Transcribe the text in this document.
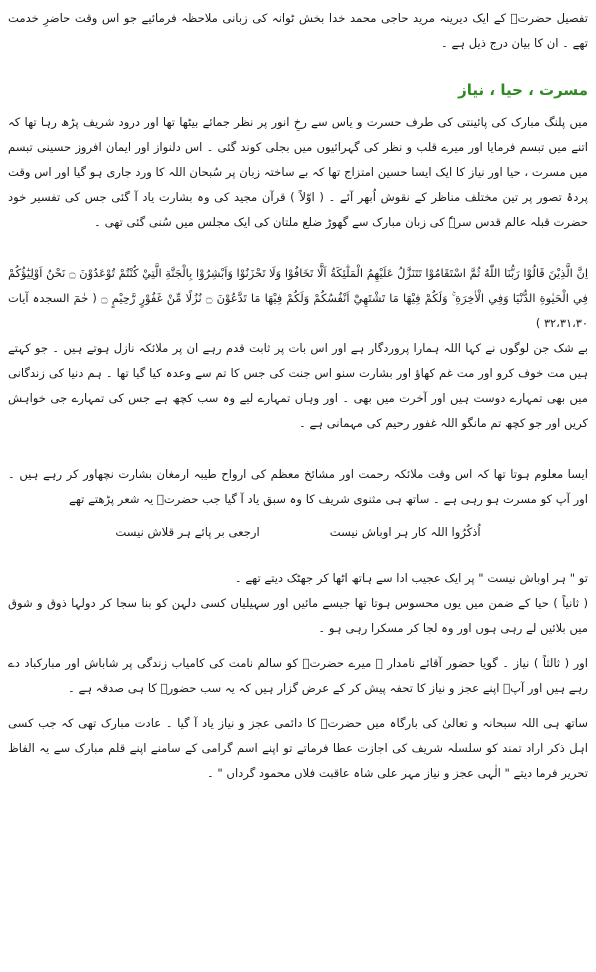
تفصیل حضرتؒ کے ایک دیرینہ مرید حاجی محمد خدا بخش ٹوانہ کی زبانی ملاحظہ فرمائیے جو اس وقت حاضرِ خدمت تھے ۔ ان کا بیان درج ذیل ہے ۔

مسرت ، حیا ، نیاز

میں پلنگ مبارک کی پائینتی کی طرف حسرت و یاس سے رخِ انور پر نظر جمائے بیٹھا تھا اور درود شریف پڑھ رہا تھا کہ اتنے میں تبسم فرمایا اور میرے قلب و نظر کی گہرائیوں میں بجلی کوند گئی ۔ اس دلنواز اور ایمان افروز حسینی تبسم میں مسرت ، حیا اور نیاز کا ایک ایسا حسین امتزاج تھا کہ بے ساختہ زبان پر سُبحان اللہ کا ورد جاری ہو گیا اور اس وقت پردۂ تصور پر تین مختلف مناظر کے نقوش اُبھر آئے ۔ ( اوّلاً ) قرآن مجید کی وہ بشارت یاد آ گئی جس کی تفسیر خود حضرت قبلہ عالم قدس سرہٗ کی زبان مبارک سے گھوڑ ضلع ملتان کی ایک مجلس میں سُنی گئی تھی ۔

اِنَّ الَّذِيْنَ قَالُوْا رَبُّنَا اللّٰهُ ثُمَّ اسْتَقَامُوْا تَتَنَزَّلُ عَلَيْهِمُ الْمَلٰٓئِكَةُ اَلَّا تَخَافُوْا وَلَا تَحْزَنُوْا وَاَبْشِرُوْا بِالْجَنَّةِ الَّتِيْ كُنْتُمْ تُوْعَدُوْنَ ۝ نَحْنُ اَوْلِيٰٓؤُكُمْ فِي الْحَيٰوةِ الدُّنْيَا وَفِي الْاٰخِرَةِ ۚ وَلَكُمْ فِيْهَا مَا تَشْتَهِيْٓ اَنْفُسُكُمْ وَلَكُمْ فِيْهَا مَا تَدَّعُوْنَ ۝ نُزُلًا مِّنْ غَفُوْرٍ رَّحِيْمٍ ۝ ( حٰمٓ السجدہ آیات ۳۲،۳۱،۳۰ )

بے شک جن لوگوں نے کہا اللہ ہمارا پروردگار ہے اور اس بات پر ثابت قدم رہے ان پر ملائکہ نازل ہوتے ہیں ۔ جو کہتے ہیں مت خوف کرو اور مت غم کھاؤ اور بشارت سنو اس جنت کی جس کا تم سے وعدہ کیا گیا تھا ۔ ہم دنیا کی زندگانی میں بھی تمہارے دوست ہیں اور آخرت میں بھی ۔ اور وہاں تمہارے لیے وہ سب کچھ ہے جس کی تمہارے جی خواہش کریں اور جو کچھ تم مانگو اللہ غفور رحیم کی مہمانی ہے ۔

ایسا معلوم ہوتا تھا کہ اس وقت ملائکہ رحمت اور مشائخ معظم کی ارواح طیبہ ارمغان بشارت نچھاور کر رہے ہیں ۔ اور آپ کو مسرت ہو رہی ہے ۔ ساتھ ہی مثنوی شریف کا وہ سبق یاد آ گیا جب حضرتؒ یہ شعر پڑھتے تھے

اُذکُرُوا اللہ کار ہر اوباش نیست
ارجعی بر پائے ہر قلاش نیست

تو " ہر اوباش نیست " پر ایک عجیب ادا سے ہاتھ اٹھا کر جھٹک دیتے تھے ۔

( ثانیاً ) حیا کے ضمن میں یوں محسوس ہوتا تھا جیسے مائیں اور سہیلیاں کسی دلہن کو بنا سجا کر دولہا ذوق و شوق میں بلائیں لے رہی ہوں اور وہ لجا کر مسکرا رہی ہو ۔

اور ( ثالثاً ) نیاز ۔ گویا حضور آقائے نامدار ﷺ میرے حضرتؒ کو سالم نامت کی کامیاب زندگی پر شاباش اور مبارکباد دے رہے ہیں اور آپؒ اپنے عجز و نیاز کا تحفہ پیش کر کے عرض گزار ہیں کہ یہ سب حضورؐ کا ہی صدقہ ہے ۔

ساتھ ہی اللہ سبحانہ و تعالیٰ کی بارگاہ میں حضرتؒ کا دائمی عجز و نیاز یاد آ گیا ۔ عادت مبارک تھی کہ جب کسی اہل ذکر اراد تمند کو سلسلہ شریف کی اجازت عطا فرماتے تو اپنے اسم گرامی کے سامنے اپنے قلم مبارک سے یہ الفاظ تحریر فرما دیتے " الٰہی عجز و نیاز مہر علی شاہ عاقبت فلاں محمود گرداں " ۔
